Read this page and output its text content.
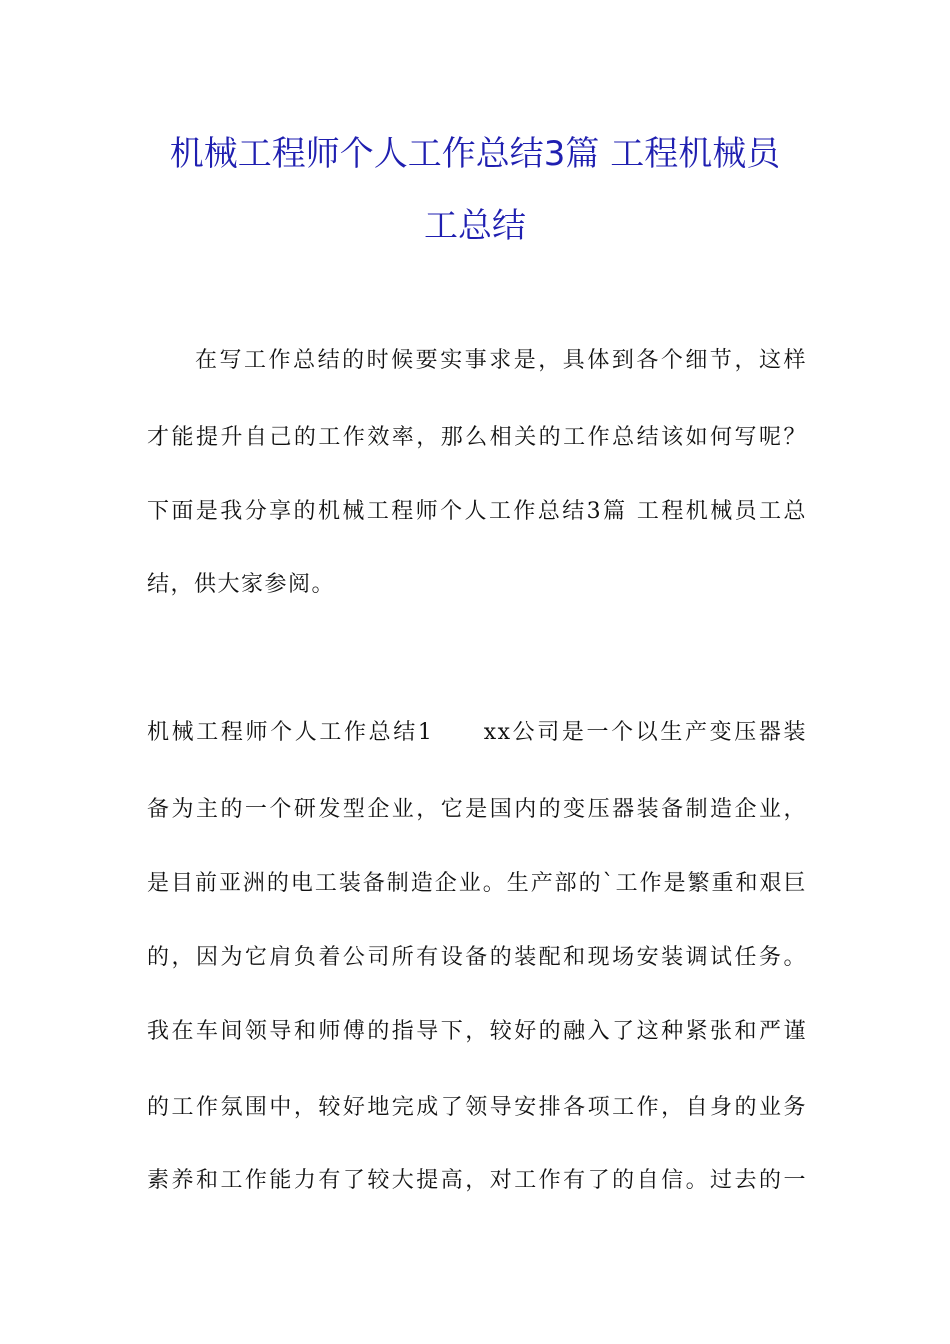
机械工程师个人工作总结3篇 工程机械员
工总结
在写工作总结的时候要实事求是，具体到各个细节，这样
才能提升自己的工作效率，那么相关的工作总结该如何写呢？
下面是我分享的机械工程师个人工作总结3篇 工程机械员工总
结，供大家参阅。
机械工程师个人工作总结1　　xx公司是一个以生产变压器装
备为主的一个研发型企业，它是国内的变压器装备制造企业，
是目前亚洲的电工装备制造企业。生产部的`工作是繁重和艰巨
的，因为它肩负着公司所有设备的装配和现场安装调试任务。
我在车间领导和师傅的指导下，较好的融入了这种紧张和严谨
的工作氛围中，较好地完成了领导安排各项工作，自身的业务
素养和工作能力有了较大提高，对工作有了的自信。过去的一
